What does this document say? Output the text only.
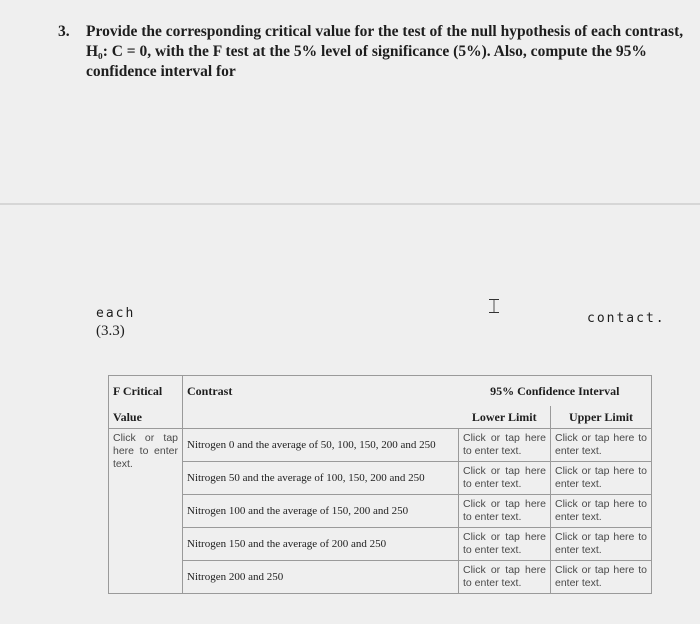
3. Provide the corresponding critical value for the test of the null hypothesis of each contrast, H₀: C = 0, with the F test at the 5% level of significance (5%). Also, compute the 95% confidence interval for
each
(3.3)
⌶
contact.
F Critical	Contrast	95% Confidence Interval	
Value		Lower Limit	Upper Limit
Click or tap here to enter text.	Nitrogen 0 and the average of 50, 100, 150, 200 and 250	Click or tap here to enter text.	Click or tap here to enter text.
	Nitrogen 50 and the average of 100, 150, 200 and 250	Click or tap here to enter text.	Click or tap here to enter text.
	Nitrogen 100 and the average of 150, 200 and 250	Click or tap here to enter text.	Click or tap here to enter text.
	Nitrogen 150 and the average of 200 and 250	Click or tap here to enter text.	Click or tap here to enter text.
	Nitrogen 200 and 250	Click or tap here to enter text.	Click or tap here to enter text.
